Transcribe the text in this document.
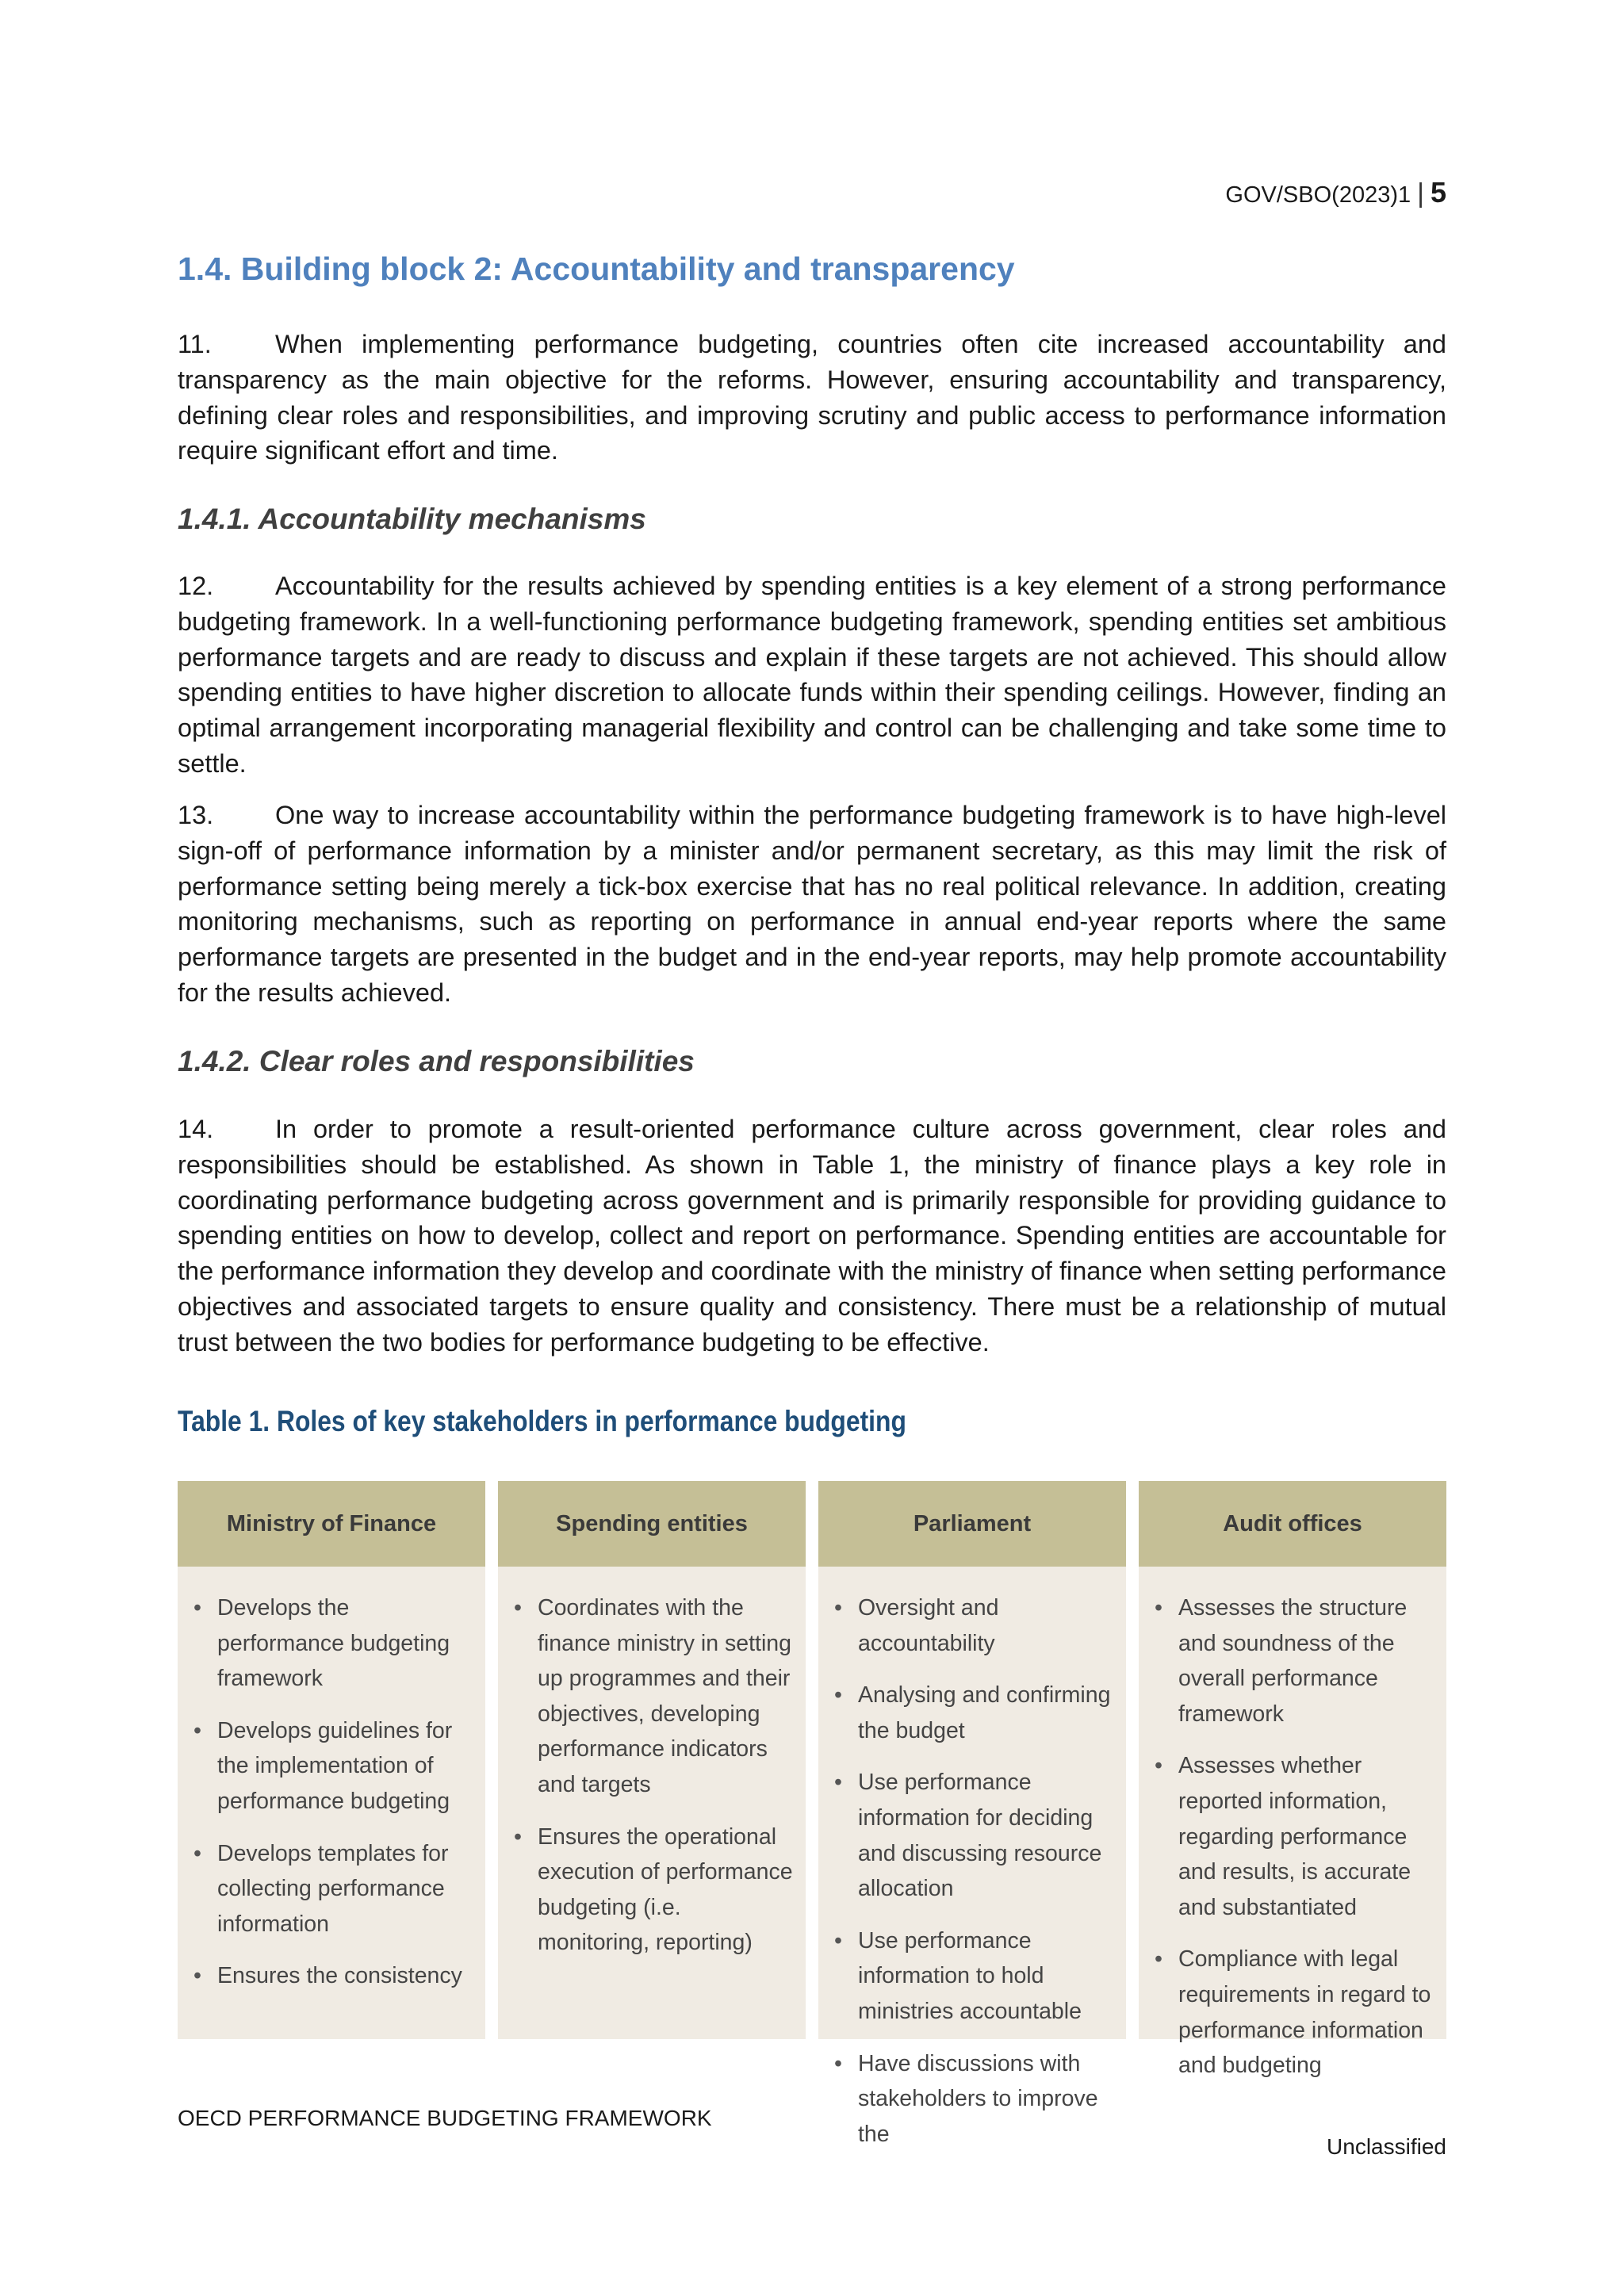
GOV/SBO(2023)1 | 5
1.4. Building block 2: Accountability and transparency

11. When implementing performance budgeting, countries often cite increased accountability and transparency as the main objective for the reforms. However, ensuring accountability and transparency, defining clear roles and responsibilities, and improving scrutiny and public access to performance information require significant effort and time.

1.4.1. Accountability mechanisms

12. Accountability for the results achieved by spending entities is a key element of a strong performance budgeting framework. In a well-functioning performance budgeting framework, spending entities set ambitious performance targets and are ready to discuss and explain if these targets are not achieved. This should allow spending entities to have higher discretion to allocate funds within their spending ceilings. However, finding an optimal arrangement incorporating managerial flexibility and control can be challenging and take some time to settle.

13. One way to increase accountability within the performance budgeting framework is to have high-level sign-off of performance information by a minister and/or permanent secretary, as this may limit the risk of performance setting being merely a tick-box exercise that has no real political relevance. In addition, creating monitoring mechanisms, such as reporting on performance in annual end-year reports where the same performance targets are presented in the budget and in the end-year reports, may help promote accountability for the results achieved.

1.4.2. Clear roles and responsibilities

14. In order to promote a result-oriented performance culture across government, clear roles and responsibilities should be established. As shown in Table 1, the ministry of finance plays a key role in coordinating performance budgeting across government and is primarily responsible for providing guidance to spending entities on how to develop, collect and report on performance. Spending entities are accountable for the performance information they develop and coordinate with the ministry of finance when setting performance objectives and associated targets to ensure quality and consistency. There must be a relationship of mutual trust between the two bodies for performance budgeting to be effective.

Table 1. Roles of key stakeholders in performance budgeting
Ministry of Finance
• Develops the performance budgeting framework
• Develops guidelines for the implementation of performance budgeting
• Develops templates for collecting performance information
• Ensures the consistency
Spending entities
• Coordinates with the finance ministry in setting up programmes and their objectives, developing performance indicators and targets
• Ensures the operational execution of performance budgeting (i.e. monitoring, reporting)
Parliament
• Oversight and accountability
• Analysing and confirming the budget
• Use performance information for deciding and discussing resource allocation
• Use performance information to hold ministries accountable
• Have discussions with stakeholders to improve the
Audit offices
• Assesses the structure and soundness of the overall performance framework
• Assesses whether reported information, regarding performance and results, is accurate and substantiated
• Compliance with legal requirements in regard to performance information and budgeting
OECD PERFORMANCE BUDGETING FRAMEWORK
Unclassified
